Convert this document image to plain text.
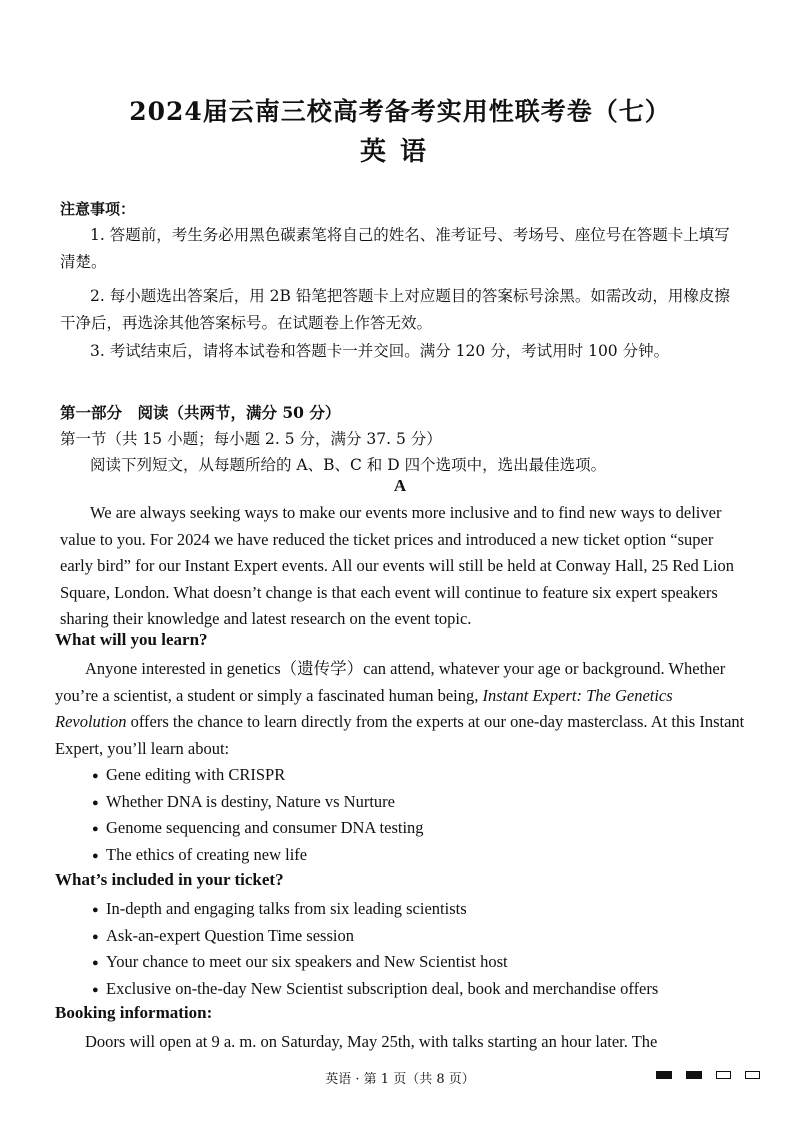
2024届云南三校高考备考实用性联考卷（七）
英语
注意事项：
1. 答题前，考生务必用黑色碳素笔将自己的姓名、准考证号、考场号、座位号在答题卡上填写清楚。
2. 每小题选出答案后，用 2B 铅笔把答题卡上对应题目的答案标号涂黑。如需改动，用橡皮擦干净后，再选涂其他答案标号。在试题卷上作答无效。
3. 考试结束后，请将本试卷和答题卡一并交回。满分 120 分，考试用时 100 分钟。
第一部分　阅读（共两节，满分 50 分）
第一节（共 15 小题；每小题 2. 5 分，满分 37. 5 分）
阅读下列短文，从每题所给的 A、B、C 和 D 四个选项中，选出最佳选项。
A
We are always seeking ways to make our events more inclusive and to find new ways to deliver value to you. For 2024 we have reduced the ticket prices and introduced a new ticket option “super early bird” for our Instant Expert events. All our events will still be held at Conway Hall, 25 Red Lion Square, London. What doesn’t change is that each event will continue to feature six expert speakers sharing their knowledge and latest research on the event topic.
What will you learn?
Anyone interested in genetics（遗传学）can attend, whatever your age or background. Whether you’re a scientist, a student or simply a fascinated human being, Instant Expert: The Genetics Revolution offers the chance to learn directly from the experts at our one-day masterclass. At this Instant Expert, you’ll learn about:
● Gene editing with CRISPR
● Whether DNA is destiny, Nature vs Nurture
● Genome sequencing and consumer DNA testing
● The ethics of creating new life
What’s included in your ticket?
● In-depth and engaging talks from six leading scientists
● Ask-an-expert Question Time session
● Your chance to meet our six speakers and New Scientist host
● Exclusive on-the-day New Scientist subscription deal, book and merchandise offers
Booking information:
Doors will open at 9 a. m. on Saturday, May 25th, with talks starting an hour later. The
英语 · 第 1 页（共 8 页）
